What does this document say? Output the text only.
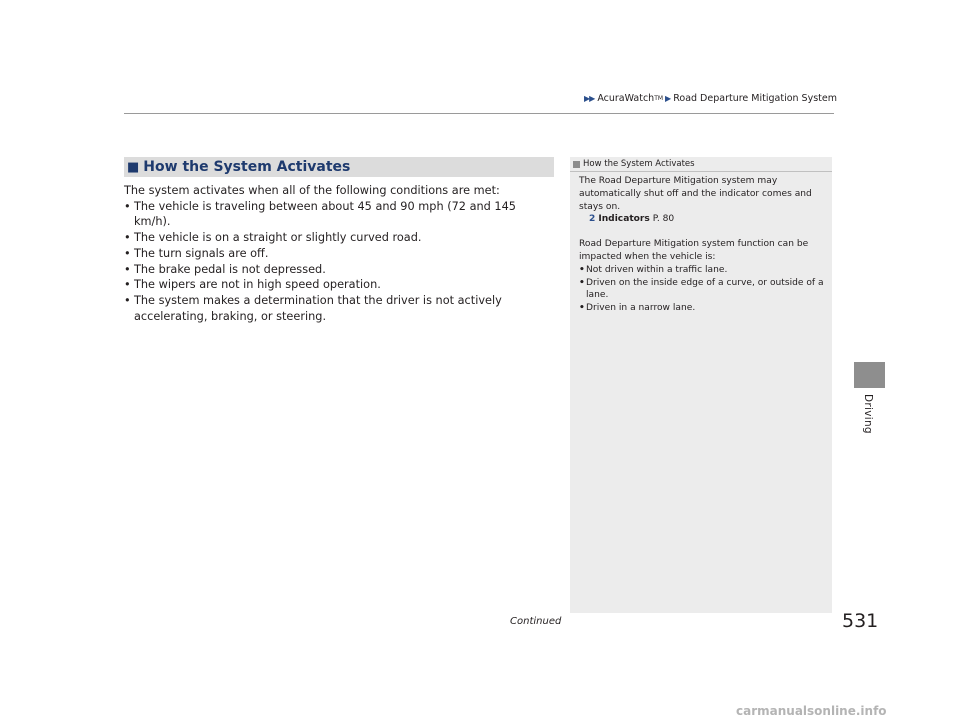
▶▶ AcuraWatch TM ▶ Road Departure Mitigation System
■ How the System Activates

The system activates when all of the following conditions are met:

• The vehicle is traveling between about 45 and 90 mph (72 and 145 km/h).
• The vehicle is on a straight or slightly curved road.
• The turn signals are off.
• The brake pedal is not depressed.
• The wipers are not in high speed operation.
• The system makes a determination that the driver is not actively accelerating, braking, or steering.
How the System Activates

The Road Departure Mitigation system may automatically shut off and the indicator comes and stays on.

2 Indicators P. 80

Road Departure Mitigation system function can be impacted when the vehicle is:

• Not driven within a traffic lane.
• Driven on the inside edge of a curve, or outside of a lane.
• Driven in a narrow lane.
Driving
Continued	531
carmanualsonline.info
